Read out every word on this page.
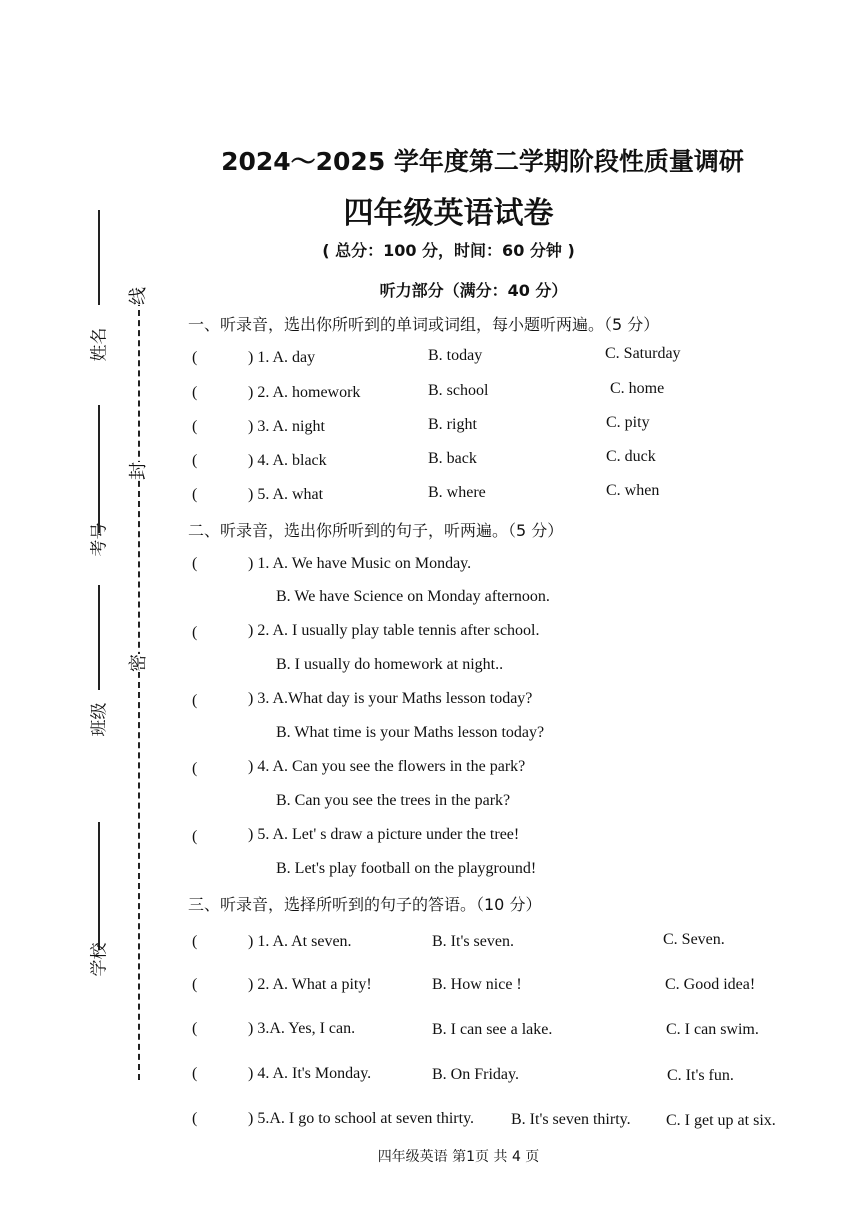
姓名
考号
班级
学校
线
封
密
2024～2025 学年度第二学期阶段性质量调研
四年级英语试卷
( 总分：100 分，时间：60 分钟 )
听力部分（满分：40 分）
一、听录音，选出你所听到的单词或词组，每小题听两遍。（5 分）
(	) 1. A. day	B. today	C. Saturday
(	) 2. A. homework	B. school	C. home
(	) 3. A. night	B. right	C. pity
(	) 4. A. black	B. back	C. duck
(	) 5. A. what	B. where	C. when
二、听录音，选出你所听到的句子，听两遍。（5 分）
(	) 1. A. We have Music on Monday.
B. We have Science on Monday afternoon.
(	) 2. A. I usually play table tennis after school.
B. I usually do homework at night..
(	) 3. A.What day is your Maths lesson today?
B. What time is your Maths lesson today?
(	) 4. A. Can you see the flowers in the park?
B. Can you see the trees in the park?
(	) 5. A. Let' s draw a picture under the tree!
B. Let's play football on the playground!
三、听录音，选择所听到的句子的答语。（10 分）
(	) 1. A. At seven.	B. It's seven.	C. Seven.
(	) 2. A. What a pity!	B. How nice !	C. Good idea!
(	) 3.A. Yes, I can.	B. I can see a lake.	C. I can swim.
(	) 4. A. It's Monday.	B. On Friday.	C. It's fun.
(	) 5.A. I go to school at seven thirty. B. It's seven thirty. C. I get up at six.
四年级英语 第1页 共 4 页
